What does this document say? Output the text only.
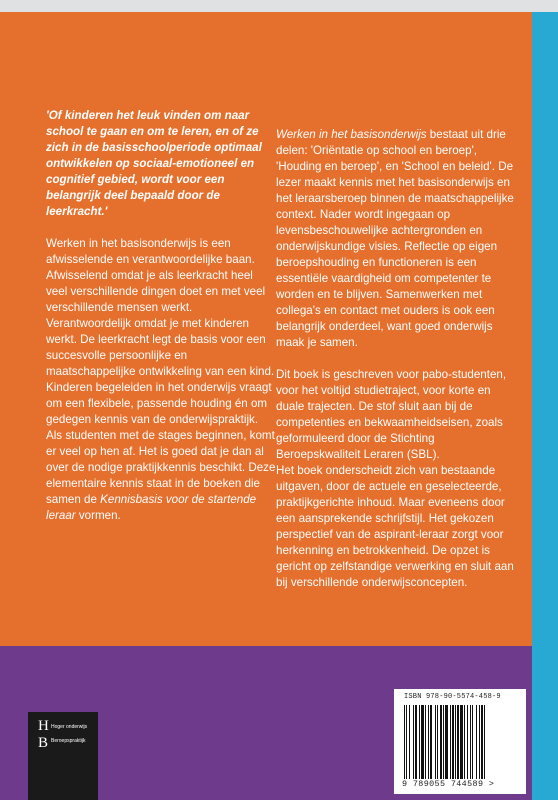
'Of kinderen het leuk vinden om naar school te gaan en om te leren, en of ze zich in de basisschoolperiode optimaal ontwikkelen op sociaal-emotioneel en cognitief gebied, wordt voor een belangrijk deel bepaald door de leerkracht.'

Werken in het basisonderwijs is een afwisselende en verantwoordelijke baan. Afwisselend omdat je als leerkracht heel veel verschillende dingen doet en met veel verschillende mensen werkt. Verantwoordelijk omdat je met kinderen werkt. De leerkracht legt de basis voor een succesvolle persoonlijke en maatschappelijke ontwikkeling van een kind. Kinderen begeleiden in het onderwijs vraagt om een flexibele, passende houding én om gedegen kennis van de onderwijspraktijk.

Als studenten met de stages beginnen, komt er veel op hen af. Het is goed dat je dan al over de nodige praktijkkennis beschikt. Deze elementaire kennis staat in de boeken die samen de Kennisbasis voor de startende leraar vormen.

Werken in het basisonderwijs bestaat uit drie delen: 'Oriëntatie op school en beroep', 'Houding en beroep', en 'School en beleid'. De lezer maakt kennis met het basisonderwijs en het leraarsberoep binnen de maatschappelijke context. Nader wordt ingegaan op levensbeschouwelijke achtergronden en onderwijskundige visies. Reflectie op eigen beroepshouding en functioneren is een essentiële vaardigheid om competenter te worden en te blijven. Samenwerken met collega's en contact met ouders is ook een belangrijk onderdeel, want goed onderwijs maak je samen.

Dit boek is geschreven voor pabo-studenten, voor het voltijd studietraject, voor korte en duale trajecten. De stof sluit aan bij de competenties en bekwaamheidseisen, zoals geformuleerd door de Stichting Beroepskwaliteit Leraren (SBL).

Het boek onderscheidt zich van bestaande uitgaven, door de actuele en geselecteerde, praktijkgerichte inhoud. Maar eveneens door een aansprekende schrijfstijl. Het gekozen perspectief van de aspirant-leraar zorgt voor herkenning en betrokkenheid. De opzet is gericht op zelfstandige verwerking en sluit aan bij verschillende onderwijsconcepten.

H
B
Hoger onderwijs
Beroepspraktijk
ISBN 978-90-5574-458-9
9 789055 744589 >
